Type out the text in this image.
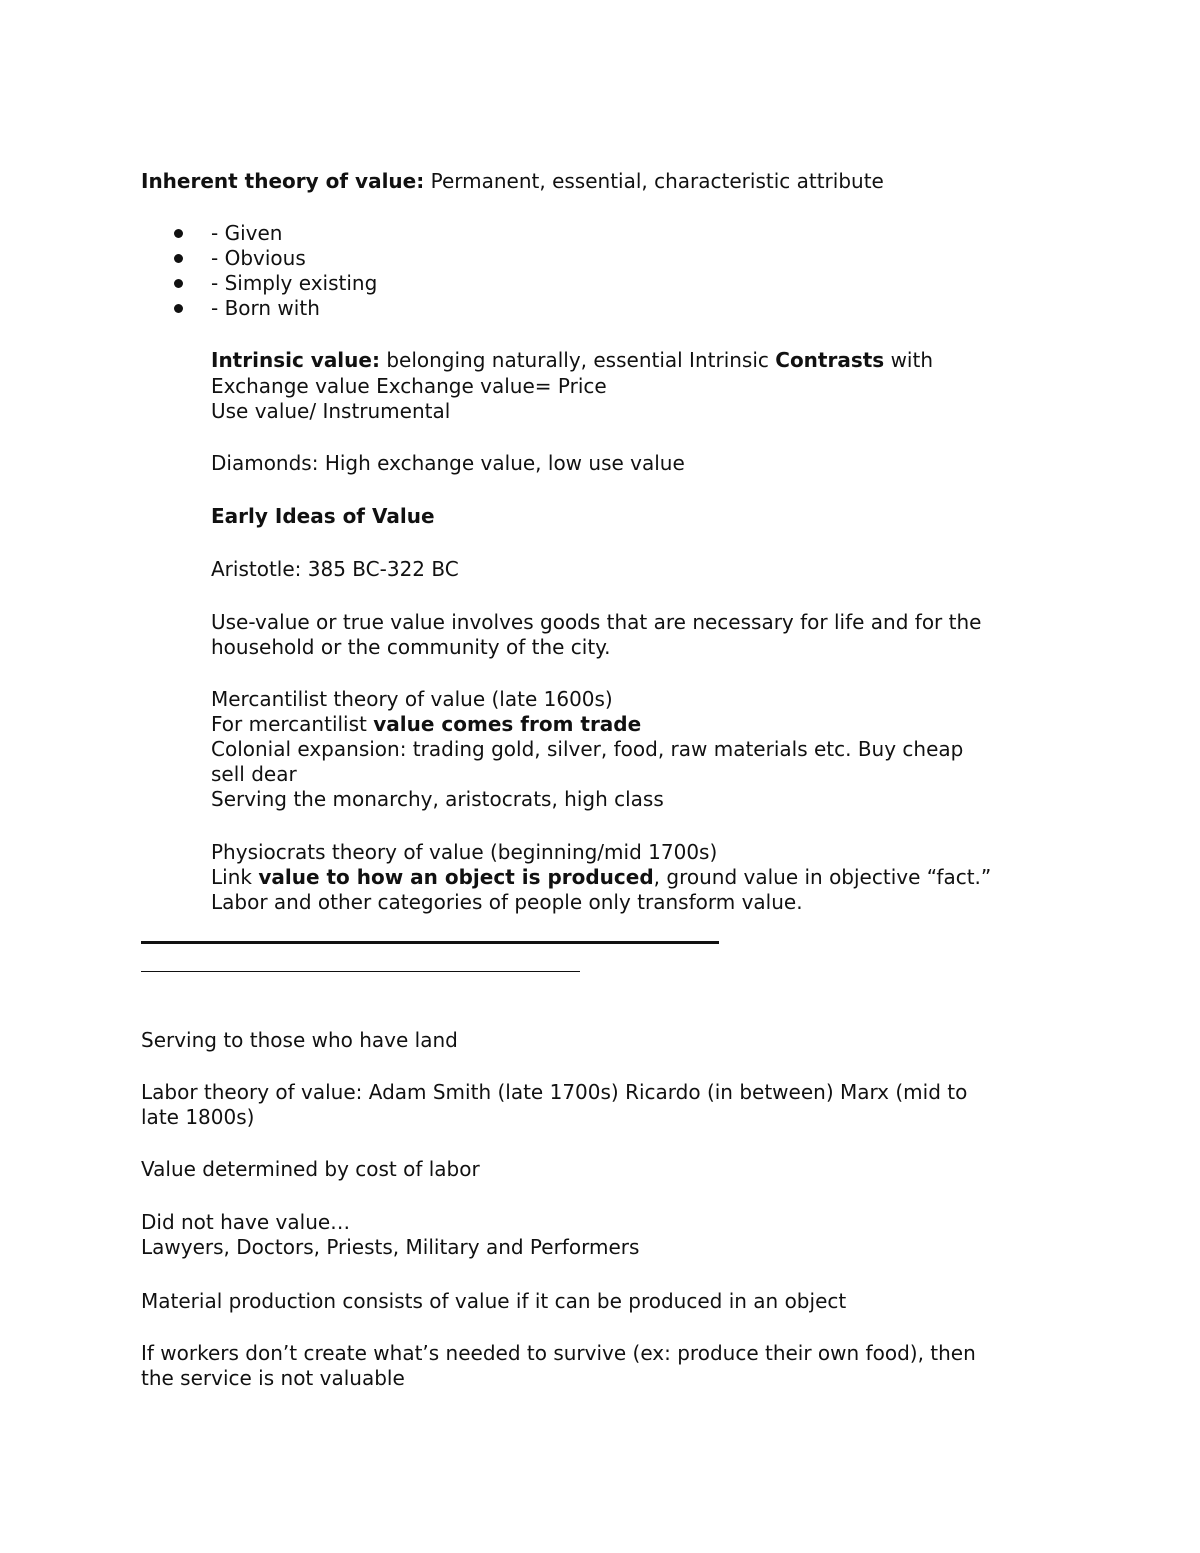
Inherent theory of value: Permanent, essential, characteristic attribute
- Given
- Obvious
- Simply existing
- Born with
Intrinsic value: belonging naturally, essential Intrinsic Contrasts with
Exchange value Exchange value= Price
Use value/ Instrumental
Diamonds: High exchange value, low use value
Early Ideas of Value
Aristotle: 385 BC-322 BC
Use-value or true value involves goods that are necessary for life and for the
household or the community of the city.
Mercantilist theory of value (late 1600s)
For mercantilist value comes from trade
Colonial expansion: trading gold, silver, food, raw materials etc. Buy cheap
sell dear
Serving the monarchy, aristocrats, high class
Physiocrats theory of value (beginning/mid 1700s)
Link value to how an object is produced, ground value in objective “fact.”
Labor and other categories of people only transform value.
Serving to those who have land
Labor theory of value: Adam Smith (late 1700s) Ricardo (in between) Marx (mid to
late 1800s)
Value determined by cost of labor
Did not have value…
Lawyers, Doctors, Priests, Military and Performers
Material production consists of value if it can be produced in an object
If workers don’t create what’s needed to survive (ex: produce their own food), then
the service is not valuable
